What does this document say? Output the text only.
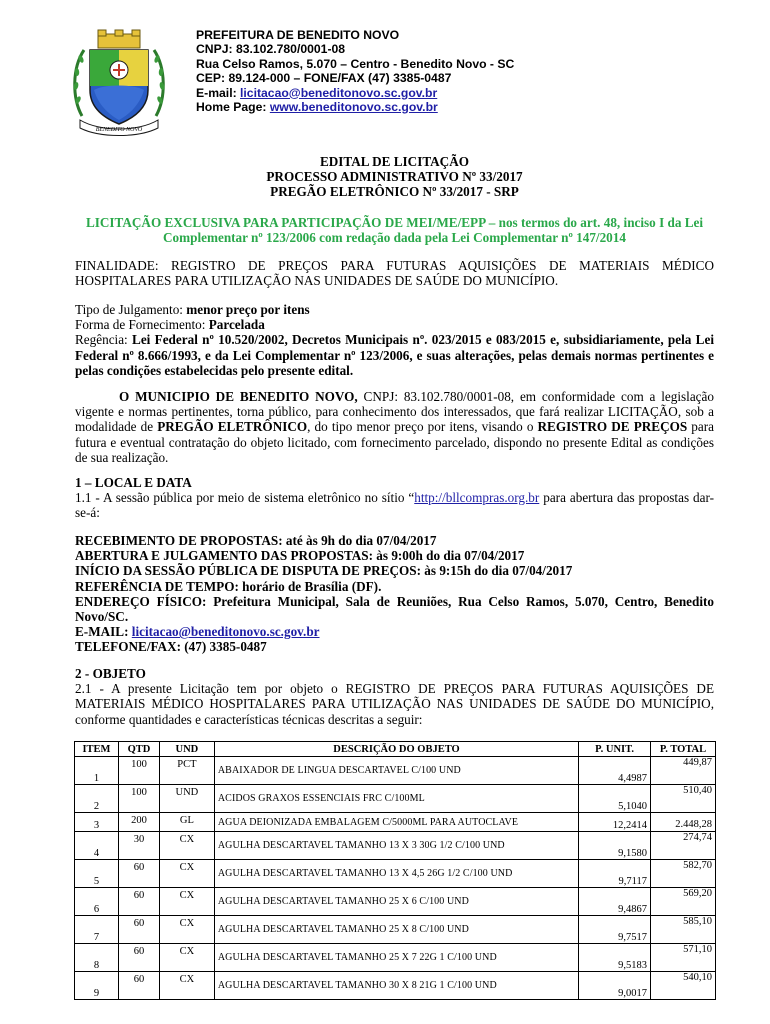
BENEDITO NOVO
PREFEITURA DE BENEDITO NOVO
CNPJ: 83.102.780/0001-08
Rua Celso Ramos, 5.070 – Centro - Benedito Novo - SC
CEP: 89.124-000 – FONE/FAX (47) 3385-0487
E-mail: licitacao@beneditonovo.sc.gov.br
Home Page: www.beneditonovo.sc.gov.br
EDITAL DE LICITAÇÃO
PROCESSO ADMINISTRATIVO Nº 33/2017
PREGÃO ELETRÔNICO Nº 33/2017 - SRP
LICITAÇÃO EXCLUSIVA PARA PARTICIPAÇÃO DE MEI/ME/EPP – nos termos do art. 48, inciso I da Lei Complementar nº 123/2006 com redação dada pela Lei Complementar nº 147/2014
FINALIDADE: REGISTRO DE PREÇOS PARA FUTURAS AQUISIÇÕES DE MATERIAIS MÉDICO HOSPITALARES PARA UTILIZAÇÃO NAS UNIDADES DE SAÚDE DO MUNICÍPIO.
Tipo de Julgamento: menor preço por itens
Forma de Fornecimento: Parcelada
Regência: Lei Federal nº 10.520/2002, Decretos Municipais nº. 023/2015 e 083/2015 e, subsidiariamente, pela Lei Federal nº 8.666/1993, e da Lei Complementar nº 123/2006, e suas alterações, pelas demais normas pertinentes e pelas condições estabelecidas pelo presente edital.

O MUNICIPIO DE BENEDITO NOVO, CNPJ: 83.102.780/0001-08, em conformidade com a legislação vigente e normas pertinentes, torna público, para conhecimento dos interessados, que fará realizar LICITAÇÃO, sob a modalidade de PREGÃO ELETRÔNICO, do tipo menor preço por itens, visando o REGISTRO DE PREÇOS para futura e eventual contratação do objeto licitado, com fornecimento parcelado, dispondo no presente Edital as condições de sua realização.

1 – LOCAL E DATA
1.1 - A sessão pública por meio de sistema eletrônico no sítio “http://bllcompras.org.br para abertura das propostas dar-se-á:
RECEBIMENTO DE PROPOSTAS: até às 9h do dia 07/04/2017
ABERTURA E JULGAMENTO DAS PROPOSTAS: às 9:00h do dia 07/04/2017
INÍCIO DA SESSÃO PÚBLICA DE DISPUTA DE PREÇOS: às 9:15h do dia 07/04/2017
REFERÊNCIA DE TEMPO: horário de Brasília (DF).
ENDEREÇO FÍSICO: Prefeitura Municipal, Sala de Reuniões, Rua Celso Ramos, 5.070, Centro, Benedito Novo/SC.
E-MAIL: licitacao@beneditonovo.sc.gov.br
TELEFONE/FAX: (47) 3385-0487
2 - OBJETO
2.1 - A presente Licitação tem por objeto o REGISTRO DE PREÇOS PARA FUTURAS AQUISIÇÕES DE MATERIAIS MÉDICO HOSPITALARES PARA UTILIZAÇÃO NAS UNIDADES DE SAÚDE DO MUNICÍPIO, conforme quantidades e características técnicas descritas a seguir:
ITEM	QTD	UND	DESCRIÇÃO DO OBJETO	P. UNIT.	P. TOTAL
1	100	PCT	ABAIXADOR DE LINGUA DESCARTAVEL C/100 UND	4,4987	449,87
2	100	UND	ACIDOS GRAXOS ESSENCIAIS FRC C/100ML	5,1040	510,40
3	200	GL	AGUA DEIONIZADA EMBALAGEM C/5000ML PARA AUTOCLAVE	12,2414	2.448,28
4	30	CX	AGULHA DESCARTAVEL TAMANHO 13 X 3 30G 1/2 C/100 UND	9,1580	274,74
5	60	CX	AGULHA DESCARTAVEL TAMANHO 13 X 4,5 26G 1/2 C/100 UND	9,7117	582,70
6	60	CX	AGULHA DESCARTAVEL TAMANHO 25 X 6 C/100 UND	9,4867	569,20
7	60	CX	AGULHA DESCARTAVEL TAMANHO 25 X 8 C/100 UND	9,7517	585,10
8	60	CX	AGULHA DESCARTAVEL TAMANHO 25 X 7 22G 1 C/100 UND	9,5183	571,10
9	60	CX	AGULHA DESCARTAVEL TAMANHO 30 X 8 21G 1 C/100 UND	9,0017	540,10
